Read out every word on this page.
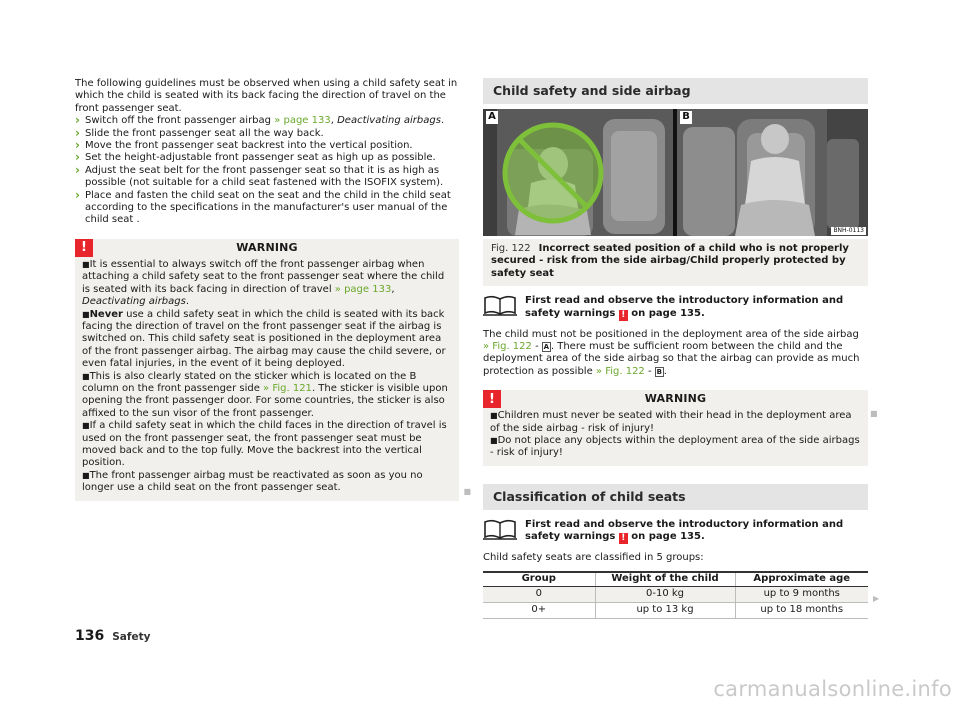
The following guidelines must be observed when using a child safety seat in which the child is seated with its back facing the direction of travel on the front passenger seat.

› Switch off the front passenger airbag » page 133, Deactivating airbags.
› Slide the front passenger seat all the way back.
› Move the front passenger seat backrest into the vertical position.
› Set the height-adjustable front passenger seat as high up as possible.
› Adjust the seat belt for the front passenger seat so that it is as high as possible (not suitable for a child seat fastened with the ISOFIX system).
› Place and fasten the child seat on the seat and the child in the child seat according to the specifications in the manufacturer's user manual of the child seat .
!	WARNING

■It is essential to always switch off the front passenger airbag when attaching a child safety seat to the front passenger seat where the child is seated with its back facing in direction of travel » page 133, Deactivating airbags.

■Never use a child safety seat in which the child is seated with its back facing the direction of travel on the front passenger seat if the airbag is switched on. This child safety seat is positioned in the deployment area of the front passenger airbag. The airbag may cause the child severe, or even fatal injuries, in the event of it being deployed.

■This is also clearly stated on the sticker which is located on the B column on the front passenger side » Fig. 121. The sticker is visible upon opening the front passenger door. For some countries, the sticker is also affixed to the sun visor of the front passenger.

■If a child safety seat in which the child faces in the direction of travel is used on the front passenger seat, the front passenger seat must be moved back and to the top fully. Move the backrest into the vertical position.

■The front passenger airbag must be reactivated as soon as you no longer use a child seat on the front passenger seat.	■
Child safety and side airbag
A	B
BNH-0113
Fig. 122 Incorrect seated position of a child who is not properly secured - risk from the side airbag/Child properly protected by safety seat
First read and observe the introductory information and safety warnings ! on page 135.

The child must not be positioned in the deployment area of the side airbag » Fig. 122 - A . There must be sufficient room between the child and the deployment area of the side airbag so that the airbag can provide as much protection as possible » Fig. 122 - B .

!	WARNING

■Children must never be seated with their head in the deployment area of the side airbag - risk of injury!

■Do not place any objects within the deployment area of the side airbags - risk of injury!

Classification of child seats
First read and observe the introductory information and safety warnings ! on page 135.

Child safety seats are classified in 5 groups:

Group	Weight of the child	Approximate age
0	0-10 kg	up to 9 months
0+	up to 13 kg	up to 18 months
■
▶
136 Safety
carmanualsonline.info
